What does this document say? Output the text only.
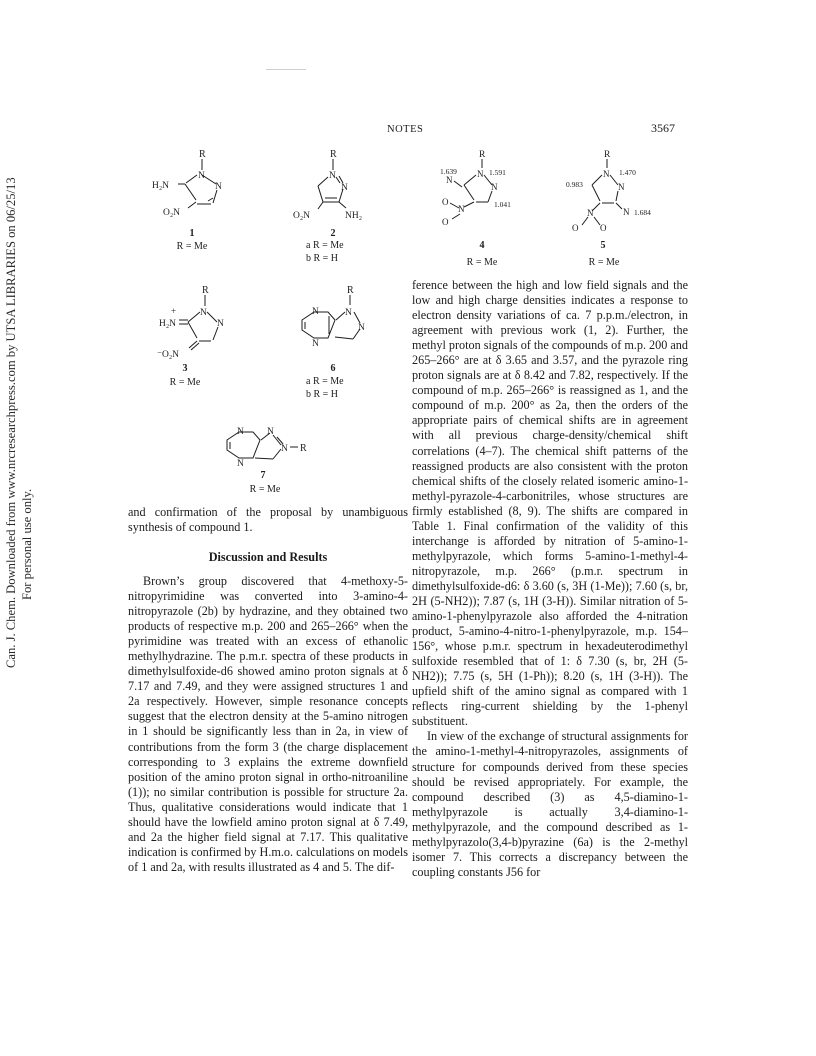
Can. J. Chem. Downloaded from www.nrcresearchpress.com by UTSA LIBRARIES on 06/25/13 For personal use only.
NOTES	3567
R
N
N
H₂N
O₂N
1
R = Me
R
N
N
O₂N	NH₂
2
a R = Me
b R = H
R
+	N
N
H₂N
⁻O₂N
3
R = Me
R
N	N
N
N
6
a R = Me
b R = H
N N
N R
N
7
R = Me
R
N
N
N
N
O
O
1.639	1.591
1.041
4
R = Me
R
N
N
N
O O
N
1.470
0.983
1.684
5
R = Me

and confirmation of the proposal by unambiguous synthesis of compound 1.

Discussion and Results

Brown’s group discovered that 4-methoxy-5-nitropyrimidine was converted into 3-amino-4-nitropyrazole (2b) by hydrazine, and they obtained two products of respective m.p. 200 and 265–266° when the pyrimidine was treated with an excess of ethanolic methylhydrazine. The p.m.r. spectra of these products in dimethylsulfoxide-d6 showed amino proton signals at δ 7.17 and 7.49, and they were assigned structures 1 and 2a respectively. However, simple resonance concepts suggest that the electron density at the 5-amino nitrogen in 1 should be significantly less than in 2a, in view of contributions from the form 3 (the charge displacement corresponding to 3 explains the extreme downfield position of the amino proton signal in ortho-nitroaniline (1)); no similar contribution is possible for structure 2a. Thus, qualitative considerations would indicate that 1 should have the lowfield amino proton signal at δ 7.49, and 2a the higher field signal at 7.17. This qualitative indication is confirmed by H.m.o. calculations on models of 1 and 2a, with results illustrated as 4 and 5. The dif-

ference between the high and low field signals and the low and high charge densities indicates a response to electron density variations of ca. 7 p.p.m./electron, in agreement with previous work (1, 2). Further, the methyl proton signals of the compounds of m.p. 200 and 265–266° are at δ 3.65 and 3.57, and the pyrazole ring proton signals are at δ 8.42 and 7.82, respectively. If the compound of m.p. 265–266° is reassigned as 1, and the compound of m.p. 200° as 2a, then the orders of the appropriate pairs of chemical shifts are in agreement with all previous charge-density/chemical shift correlations (4–7). The chemical shift patterns of the reassigned products are also consistent with the proton chemical shifts of the closely related isomeric amino-1-methyl-pyrazole-4-carbonitriles, whose structures are firmly established (8, 9). The shifts are compared in Table 1. Final confirmation of the validity of this interchange is afforded by nitration of 5-amino-1-methylpyrazole, which forms 5-amino-1-methyl-4-nitropyrazole, m.p. 266° (p.m.r. spectrum in dimethylsulfoxide-d6: δ 3.60 (s, 3H (1-Me)); 7.60 (s, br, 2H (5-NH2)); 7.87 (s, 1H (3-H)). Similar nitration of 5-amino-1-phenylpyrazole also afforded the 4-nitration product, 5-amino-4-nitro-1-phenylpyrazole, m.p. 154–156°, whose p.m.r. spectrum in hexadeuterodimethyl sulfoxide resembled that of 1: δ 7.30 (s, br, 2H (5-NH2)); 7.75 (s, 5H (1-Ph)); 8.20 (s, 1H (3-H)). The upfield shift of the amino signal as compared with 1 reflects ring-current shielding by the 1-phenyl substituent.

In view of the exchange of structural assignments for the amino-1-methyl-4-nitropyrazoles, assignments of structure for compounds derived from these species should be revised appropriately. For example, the compound described (3) as 4,5-diamino-1-methylpyrazole is actually 3,4-diamino-1-methylpyrazole, and the compound described as 1-methylpyrazolo(3,4-b)pyrazine (6a) is the 2-methyl isomer 7. This corrects a discrepancy between the coupling constants J56 for
